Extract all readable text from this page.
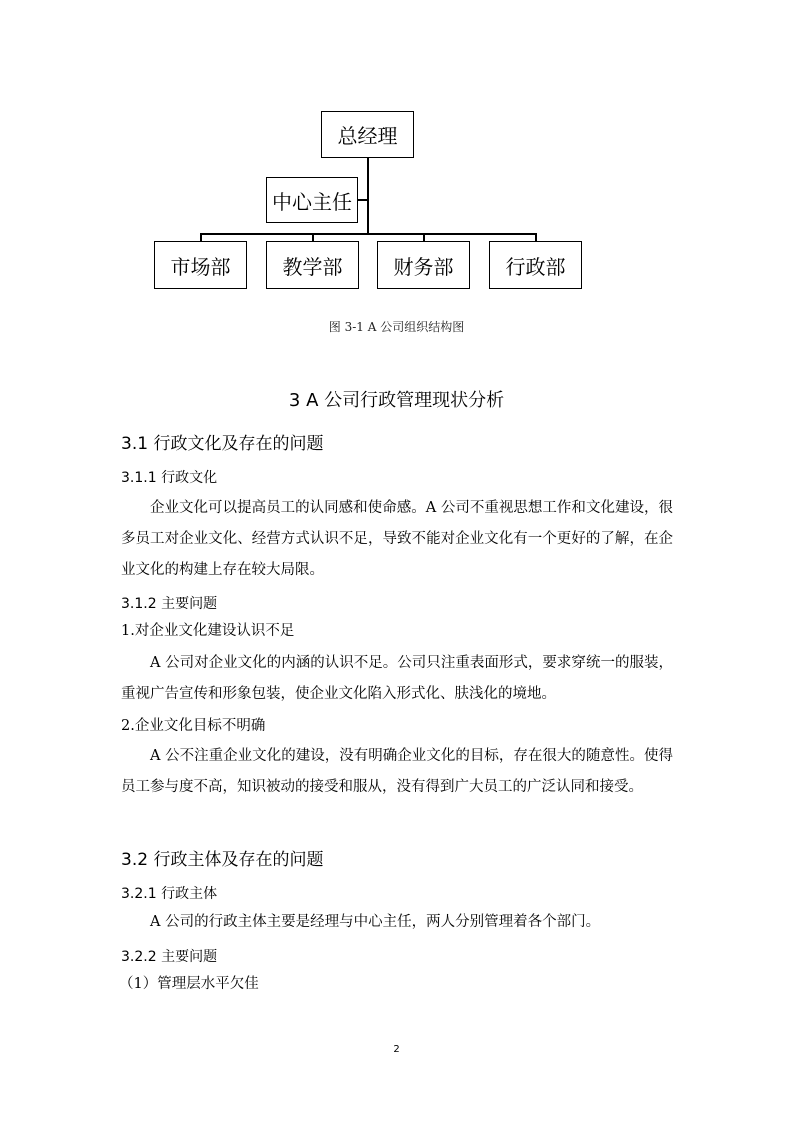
总经理
中心主任
市场部	教学部	财务部	行政部
图 3-1 A 公司组织结构图
3 A 公司行政管理现状分析
3.1 行政文化及存在的问题
3.1.1 行政文化
企业文化可以提高员工的认同感和使命感。A 公司不重视思想工作和文化建设，很多员工对企业文化、经营方式认识不足，导致不能对企业文化有一个更好的了解，在企业文化的构建上存在较大局限。
3.1.2 主要问题
1.对企业文化建设认识不足
A 公司对企业文化的内涵的认识不足。公司只注重表面形式，要求穿统一的服装，重视广告宣传和形象包装，使企业文化陷入形式化、肤浅化的境地。
2.企业文化目标不明确
A 公不注重企业文化的建设，没有明确企业文化的目标，存在很大的随意性。使得员工参与度不高，知识被动的接受和服从，没有得到广大员工的广泛认同和接受。
3.2 行政主体及存在的问题
3.2.1 行政主体
A 公司的行政主体主要是经理与中心主任，两人分别管理着各个部门。
3.2.2 主要问题
（1）管理层水平欠佳
2
